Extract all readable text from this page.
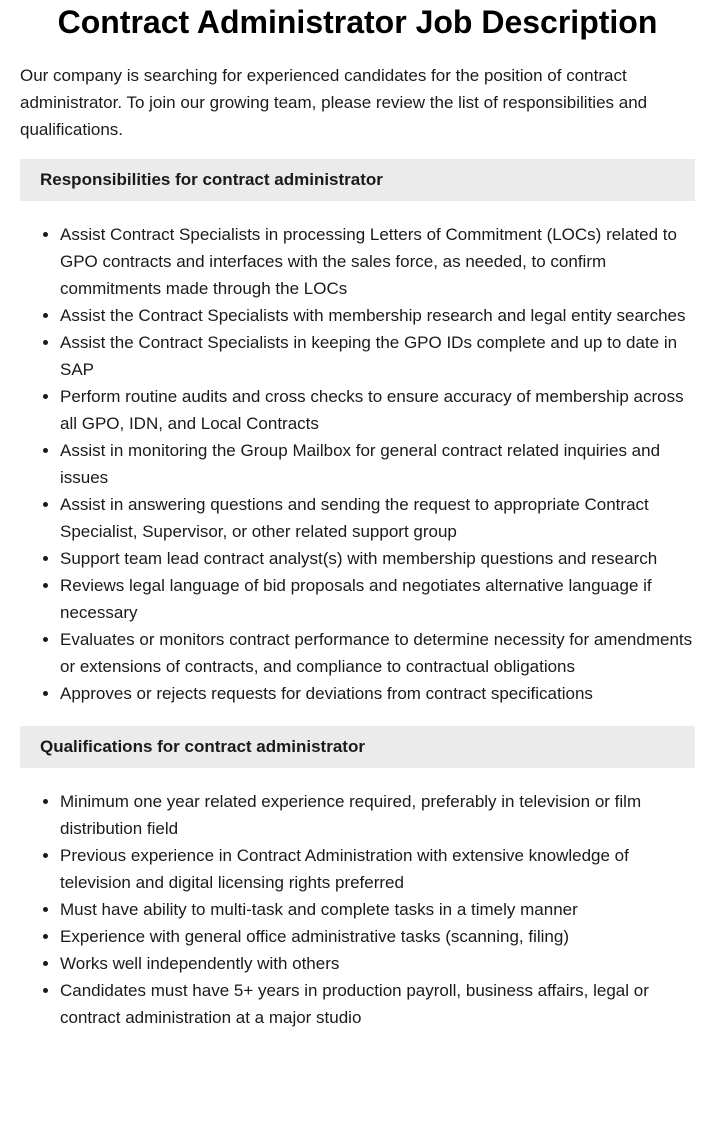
Contract Administrator Job Description

Our company is searching for experienced candidates for the position of contract administrator. To join our growing team, please review the list of responsibilities and qualifications.

Responsibilities for contract administrator
• Assist Contract Specialists in processing Letters of Commitment (LOCs) related to GPO contracts and interfaces with the sales force, as needed, to confirm commitments made through the LOCs
• Assist the Contract Specialists with membership research and legal entity searches
• Assist the Contract Specialists in keeping the GPO IDs complete and up to date in SAP
• Perform routine audits and cross checks to ensure accuracy of membership across all GPO, IDN, and Local Contracts
• Assist in monitoring the Group Mailbox for general contract related inquiries and issues
• Assist in answering questions and sending the request to appropriate Contract Specialist, Supervisor, or other related support group
• Support team lead contract analyst(s) with membership questions and research
• Reviews legal language of bid proposals and negotiates alternative language if necessary
• Evaluates or monitors contract performance to determine necessity for amendments or extensions of contracts, and compliance to contractual obligations
• Approves or rejects requests for deviations from contract specifications
Qualifications for contract administrator
• Minimum one year related experience required, preferably in television or film distribution field
• Previous experience in Contract Administration with extensive knowledge of television and digital licensing rights preferred
• Must have ability to multi-task and complete tasks in a timely manner
• Experience with general office administrative tasks (scanning, filing)
• Works well independently with others
• Candidates must have 5+ years in production payroll, business affairs, legal or contract administration at a major studio
